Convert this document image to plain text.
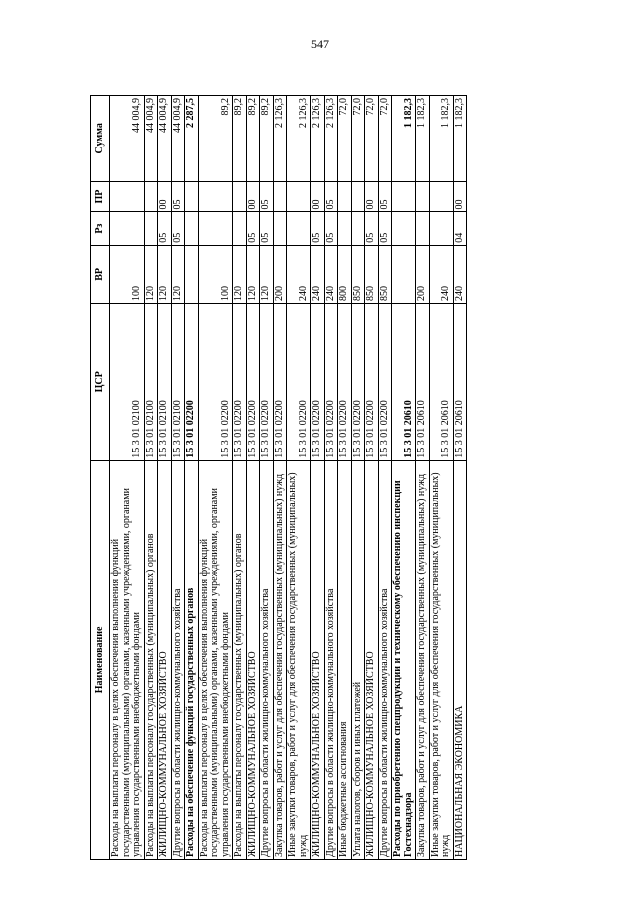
547
Наименование	ЦСР	ВР	Рз	ПР	Сумма
Расходы на выплаты персоналу в целях обеспечения выполнения функций государственными (муниципальными) органами, казенными учреждениями, органами управления государственными внебюджетными фондами	15 3 01 02100	100			44 004,9
Расходы на выплаты персоналу государственных (муниципальных) органов	15 3 01 02100	120			44 004,9
ЖИЛИЩНО-КОММУНАЛЬНОЕ ХОЗЯЙСТВО	15 3 01 02100	120	05	00	44 004,9
Другие вопросы в области жилищно-коммунального хозяйства	15 3 01 02100	120	05	05	44 004,9
Расходы на обеспечение функций государственных органов	15 3 01 02200				2 287,5
Расходы на выплаты персоналу в целях обеспечения выполнения функций государственными (муниципальными) органами, казенными учреждениями, органами управления государственными внебюджетными фондами	15 3 01 02200	100			89,2
Расходы на выплаты персоналу государственных (муниципальных) органов	15 3 01 02200	120			89,2
ЖИЛИЩНО-КОММУНАЛЬНОЕ ХОЗЯЙСТВО	15 3 01 02200	120	05	00	89,2
Другие вопросы в области жилищно-коммунального хозяйства	15 3 01 02200	120	05	05	89,2
Закупка товаров, работ и услуг для обеспечения государственных (муниципальных) нужд	15 3 01 02200	200			2 126,3
Иные закупки товаров, работ и услуг для обеспечения государственных (муниципальных) нужд	15 3 01 02200	240			2 126,3
ЖИЛИЩНО-КОММУНАЛЬНОЕ ХОЗЯЙСТВО	15 3 01 02200	240	05	00	2 126,3
Другие вопросы в области жилищно-коммунального хозяйства	15 3 01 02200	240	05	05	2 126,3
Иные бюджетные ассигнования	15 3 01 02200	800			72,0
Уплата налогов, сборов и иных платежей	15 3 01 02200	850			72,0
ЖИЛИЩНО-КОММУНАЛЬНОЕ ХОЗЯЙСТВО	15 3 01 02200	850	05	00	72,0
Другие вопросы в области жилищно-коммунального хозяйства	15 3 01 02200	850	05	05	72,0
Расходы по приобретению спецпродукции и техническому обеспечению инспекции Гостехнадзора	15 3 01 20610				1 182,3
Закупка товаров, работ и услуг для обеспечения государственных (муниципальных) нужд	15 3 01 20610	200			1 182,3
Иные закупки товаров, работ и услуг для обеспечения государственных (муниципальных) нужд	15 3 01 20610	240			1 182,3
НАЦИОНАЛЬНАЯ ЭКОНОМИКА	15 3 01 20610	240	04	00	1 182,3
